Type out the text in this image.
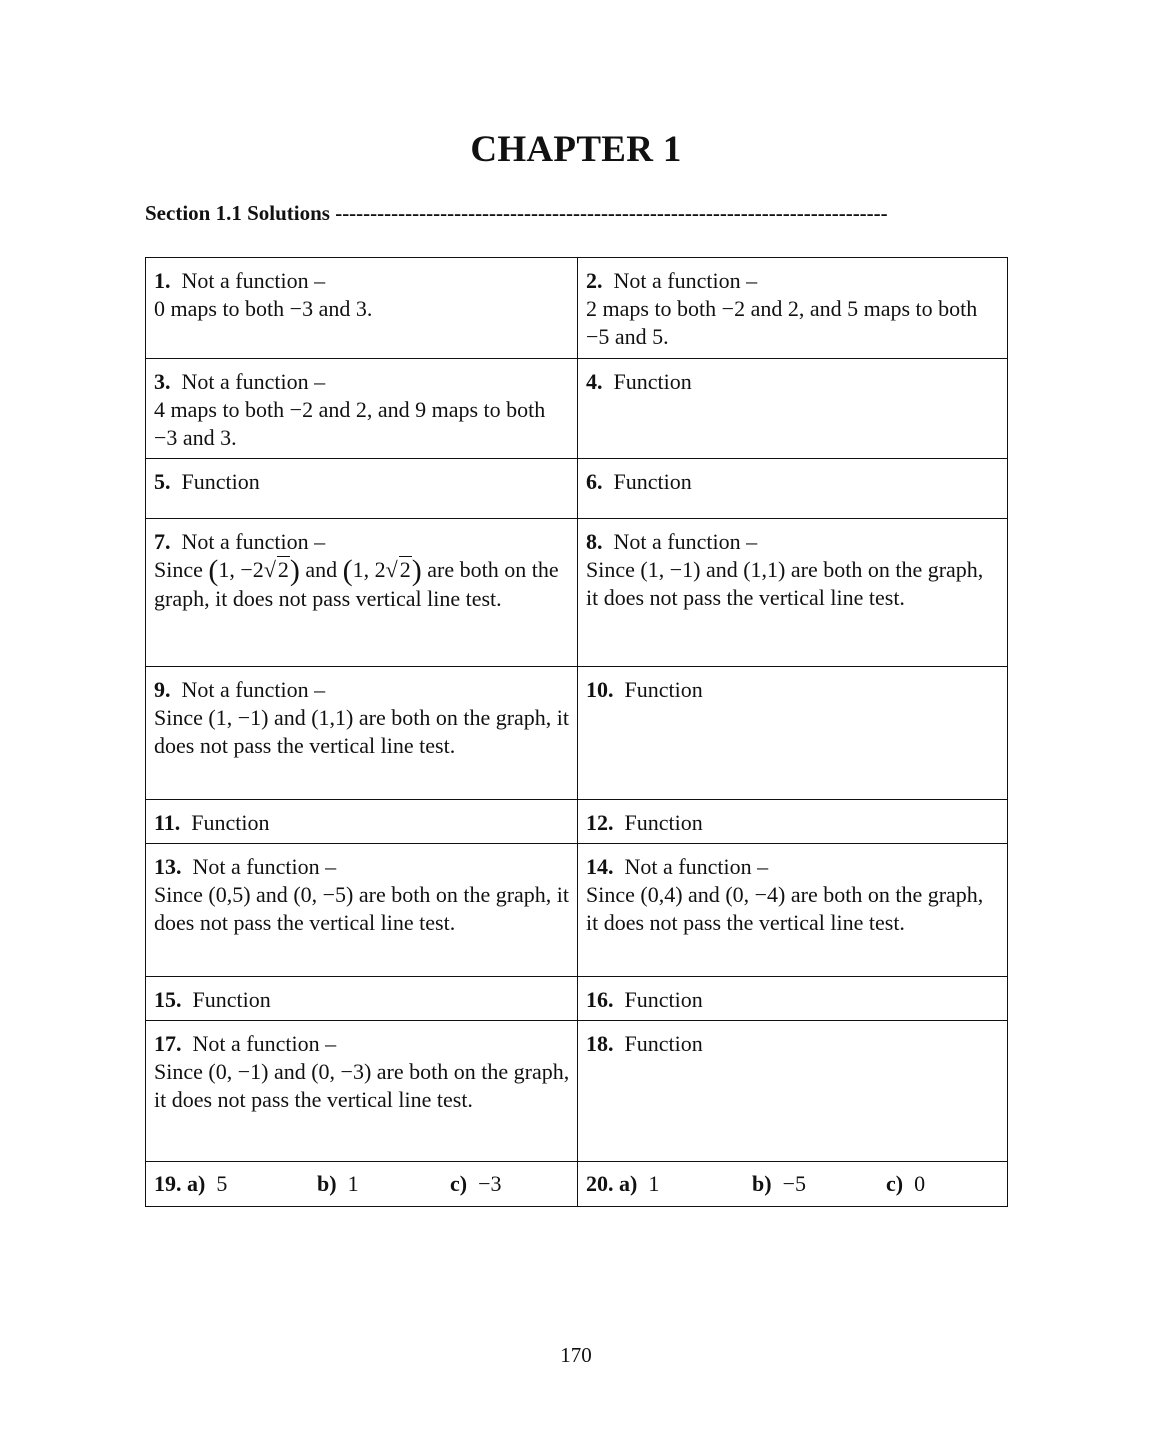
CHAPTER 1
Section 1.1 Solutions -------------------------------------------------------------------------------
1. Not a function –
0 maps to both −3 and 3.	2. Not a function –
2 maps to both −2 and 2, and 5 maps to both −5 and 5.
3. Not a function –
4 maps to both −2 and 2, and 9 maps to both −3 and 3.	4. Function
5. Function	6. Function
7. Not a function –
Since (1, −2√2) and (1, 2√2) are both on the graph, it does not pass vertical line test.	8. Not a function –
Since (1, −1) and (1,1) are both on the graph, it does not pass the vertical line test.
9. Not a function –
Since (1, −1) and (1,1) are both on the graph, it does not pass the vertical line test.	10. Function
11. Function	12. Function
13. Not a function –
Since (0,5) and (0, −5) are both on the graph, it does not pass the vertical line test.	14. Not a function –
Since (0,4) and (0, −4) are both on the graph, it does not pass the vertical line test.
15. Function	16. Function
17. Not a function –
Since (0, −1) and (0, −3) are both on the graph, it does not pass the vertical line test.	18. Function
19. a) 5 b) 1 c) −3	20. a) 1 b) −5 c) 0
170
